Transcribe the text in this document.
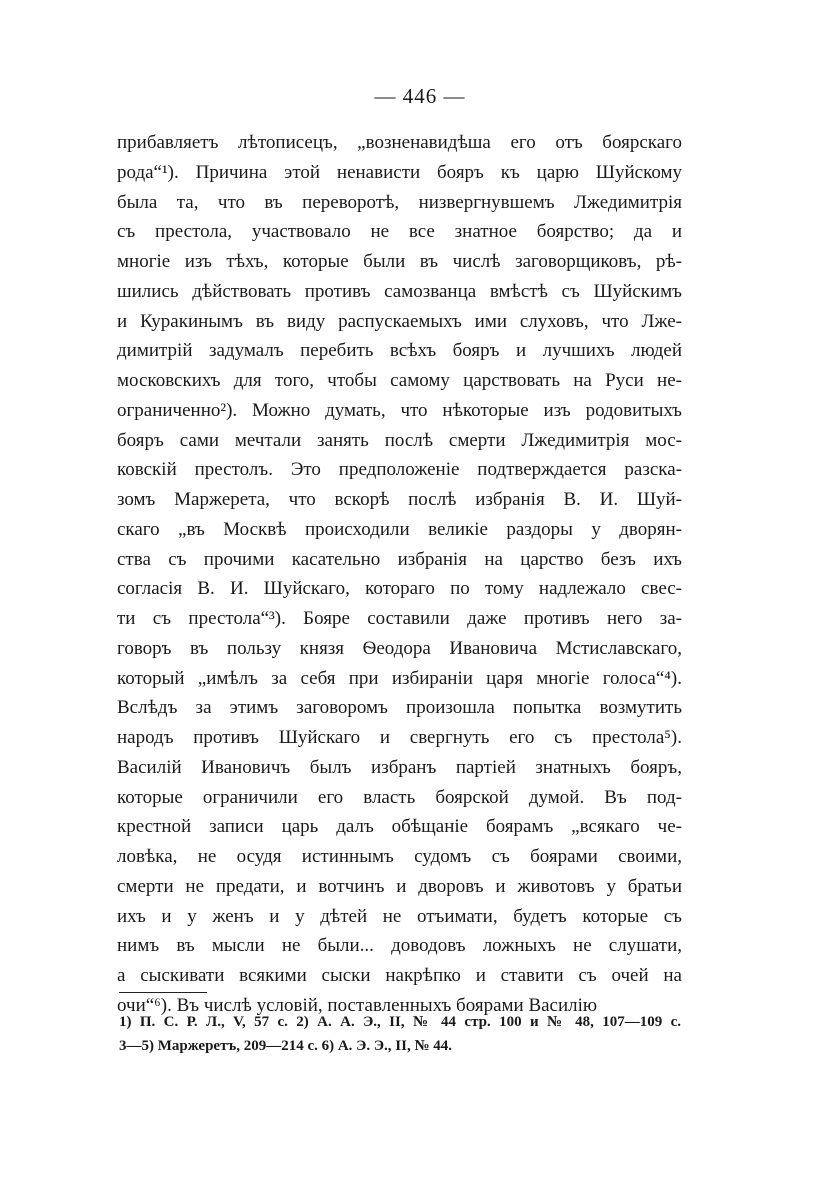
— 446 —
прибавляетъ лѣтописецъ, „возненавидѣша его отъ боярскаго
рода“¹). Причина этой ненависти бояръ къ царю Шуйскому
была та, что въ переворотѣ, низвергнувшемъ Лжедимитрія
съ престола, участвовало не все знатное боярство; да и
многіе изъ тѣхъ, которые были въ числѣ заговорщиковъ, рѣ-
шились дѣйствовать противъ самозванца вмѣстѣ съ Шуйскимъ
и Куракинымъ въ виду распускаемыхъ ими слуховъ, что Лже-
димитрій задумалъ перебить всѣхъ бояръ и лучшихъ людей
московскихъ для того, чтобы самому царствовать на Руси не-
ограниченно²). Можно думать, что нѣкоторые изъ родовитыхъ
бояръ сами мечтали занять послѣ смерти Лжедимитрія мос-
ковскій престолъ. Это предположеніе подтверждается разска-
зомъ Маржерета, что вскорѣ послѣ избранія В. И. Шуй-
скаго „въ Москвѣ происходили великіе раздоры у дворян-
ства съ прочими касательно избранія на царство безъ ихъ
согласія В. И. Шуйскаго, котораго по тому надлежало свес-
ти съ престола“³). Бояре составили даже противъ него за-
говоръ въ пользу князя Ѳеодора Ивановича Мстиславскаго,
который „имѣлъ за себя при избираніи царя многіе голоса“⁴).
Вслѣдъ за этимъ заговоромъ произошла попытка возмутить
народъ противъ Шуйскаго и свергнуть его съ престола⁵).
Василій Ивановичъ былъ избранъ партіей знатныхъ бояръ,
которые ограничили его власть боярской думой. Въ под-
крестной записи царь далъ обѣщаніе боярамъ „всякаго че-
ловѣка, не осудя истиннымъ судомъ съ боярами своими,
смерти не предати, и вотчинъ и дворовъ и животовъ у братьи
ихъ и у женъ и у дѣтей не отъимати, будетъ которые съ
нимъ въ мысли не были... доводовъ ложныхъ не слушати,
а сыскивати всякими сыски накрѣпко и ставити съ очей на
очи“⁶). Въ числѣ условій, поставленныхъ боярами Василію
1) П. С. Р. Л., V, 57 с. 2) А. А. Э., II, № 44 стр. 100 и № 48, 107—109 с.
3—5) Маржеретъ, 209—214 с. 6) А. Э. Э., II, № 44.
